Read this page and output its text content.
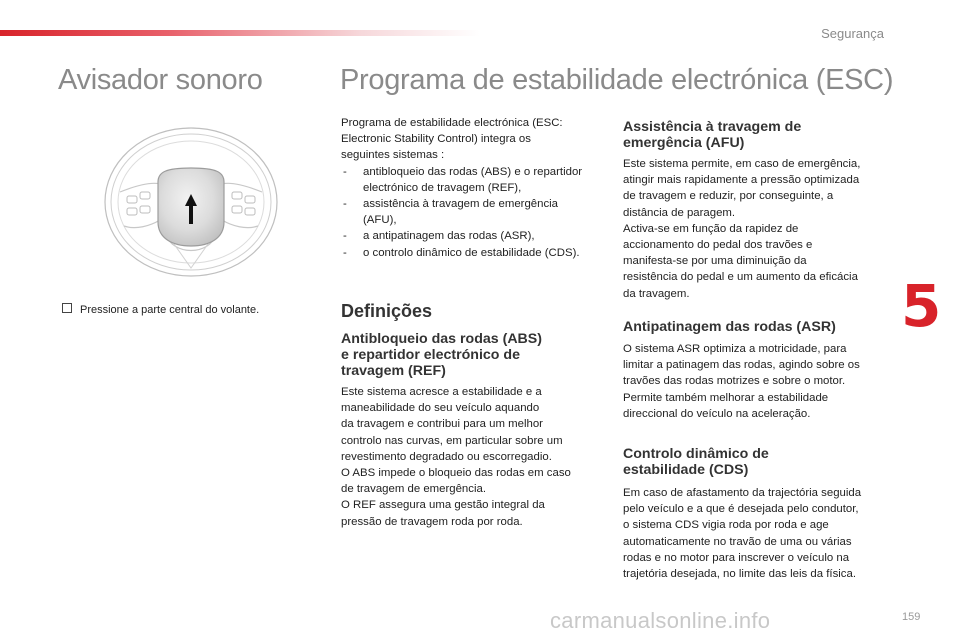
Segurança
Avisador sonoro
Pressione a parte central do volante.
Programa de estabilidade electrónica (ESC)

Programa de estabilidade electrónica (ESC:

Electronic Stability Control) integra os

seguintes sistemas :

- antibloqueio das rodas (ABS) e o repartidor
electrónico de travagem (REF),
- assistência à travagem de emergência
(AFU),
- a antipatinagem das rodas (ASR),
- o controlo dinâmico de estabilidade (CDS).
Definições
Antibloqueio das rodas (ABS)
e repartidor electrónico de
travagem (REF)

Este sistema acresce a estabilidade e a

maneabilidade do seu veículo aquando

da travagem e contribui para um melhor

controlo nas curvas, em particular sobre um

revestimento degradado ou escorregadio.

O ABS impede o bloqueio das rodas em caso

de travagem de emergência.

O REF assegura uma gestão integral da

pressão de travagem roda por roda.

Assistência à travagem de
emergência (AFU)

Este sistema permite, em caso de emergência,

atingir mais rapidamente a pressão optimizada

de travagem e reduzir, por conseguinte, a

distância de paragem.

Activa-se em função da rapidez de

accionamento do pedal dos travões e

manifesta-se por uma diminuição da

resistência do pedal e um aumento da eficácia

da travagem.

Antipatinagem das rodas (ASR)

O sistema ASR optimiza a motricidade, para

limitar a patinagem das rodas, agindo sobre os

travões das rodas motrizes e sobre o motor.

Permite também melhorar a estabilidade

direccional do veículo na aceleração.

Controlo dinâmico de
estabilidade (CDS)

Em caso de afastamento da trajectória seguida

pelo veículo e a que é desejada pelo condutor,

o sistema CDS vigia roda por roda e age

automaticamente no travão de uma ou várias

rodas e no motor para inscrever o veículo na

trajetória desejada, no limite das leis da física.

5
carmanualsonline.info	159
